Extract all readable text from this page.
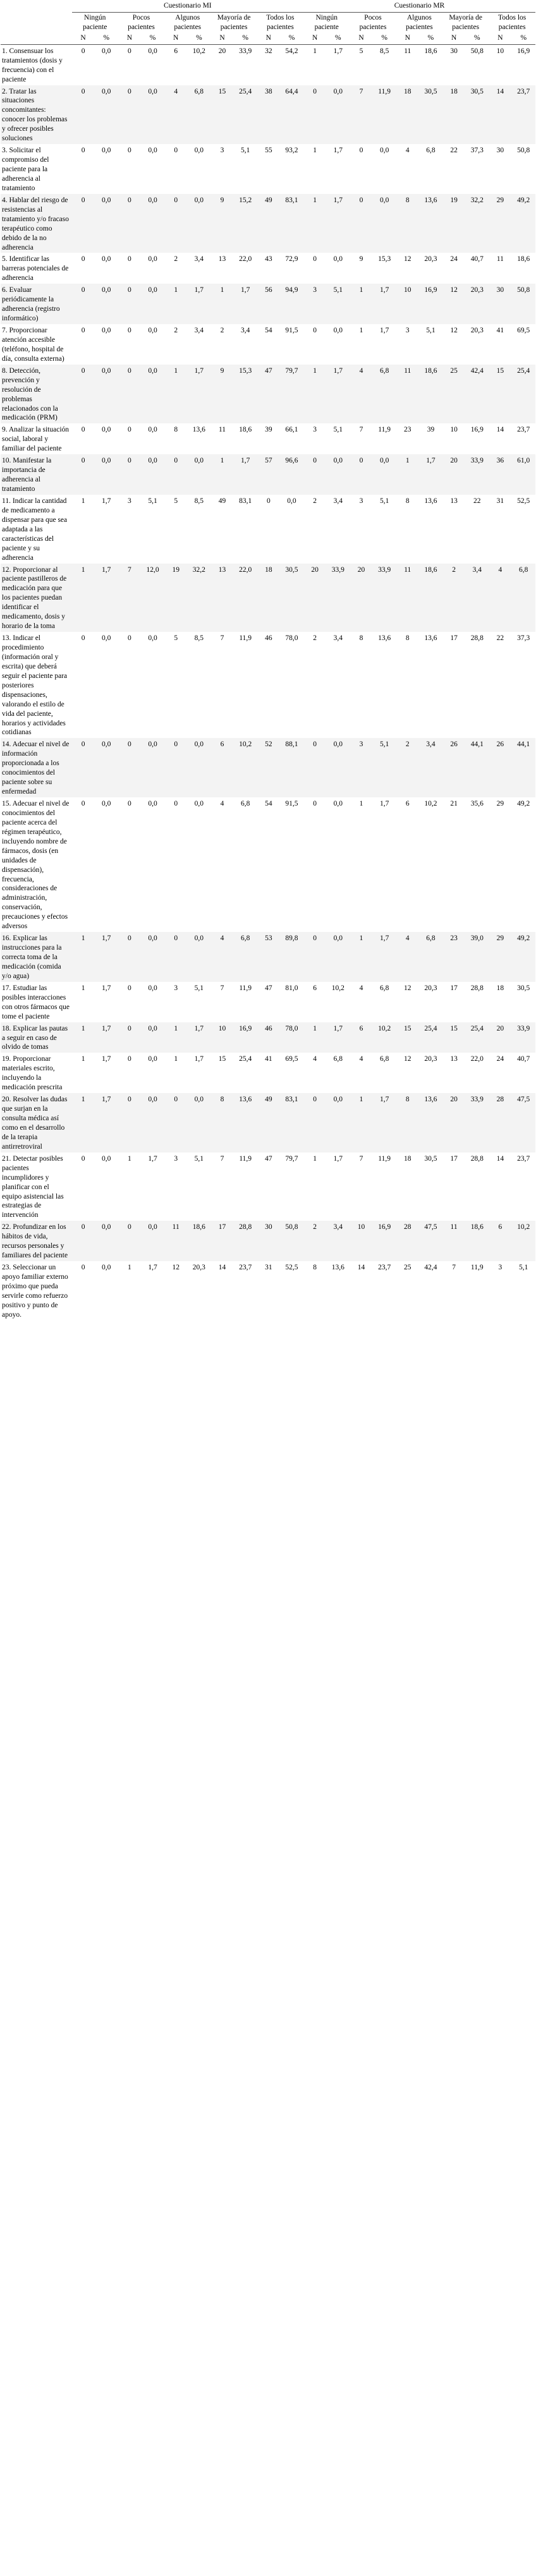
	Cuestionario MI										Cuestionario MR									
	Ningún paciente		Pocos pacientes		Algunos pacientes		Mayoría de pacientes		Todos los pacientes		Ningún paciente		Pocos pacientes		Algunos pacientes		Mayoría de pacientes		Todos los pacientes	
	N	%	N	%	N	%	N	%	N	%	N	%	N	%	N	%	N	%	N	%
1. Consensuar los tratamientos (dosis y frecuencia) con el paciente	0	0,0	0	0,0	6	10,2	20	33,9	32	54,2	1	1,7	5	8,5	11	18,6	30	50,8	10	16,9
2. Tratar las situaciones concomitantes: conocer los problemas y ofrecer posibles soluciones	0	0,0	0	0,0	4	6,8	15	25,4	38	64,4	0	0,0	7	11,9	18	30,5	18	30,5	14	23,7
3. Solicitar el compromiso del paciente para la adherencia al tratamiento	0	0,0	0	0,0	0	0,0	3	5,1	55	93,2	1	1,7	0	0,0	4	6,8	22	37,3	30	50,8
4. Hablar del riesgo de resistencias al tratamiento y/o fracaso terapéutico como debido de la no adherencia	0	0,0	0	0,0	0	0,0	9	15,2	49	83,1	1	1,7	0	0,0	8	13,6	19	32,2	29	49,2
5. Identificar las barreras potenciales de adherencia	0	0,0	0	0,0	2	3,4	13	22,0	43	72,9	0	0,0	9	15,3	12	20,3	24	40,7	11	18,6
6. Evaluar periódicamente la adherencia (registro informático)	0	0,0	0	0,0	1	1,7	1	1,7	56	94,9	3	5,1	1	1,7	10	16,9	12	20,3	30	50,8
7. Proporcionar atención accesible (teléfono, hospital de día, consulta externa)	0	0,0	0	0,0	2	3,4	2	3,4	54	91,5	0	0,0	1	1,7	3	5,1	12	20,3	41	69,5
8. Detección, prevención y resolución de problemas relacionados con la medicación (PRM)	0	0,0	0	0,0	1	1,7	9	15,3	47	79,7	1	1,7	4	6,8	11	18,6	25	42,4	15	25,4
9. Analizar la situación social, laboral y familiar del paciente	0	0,0	0	0,0	8	13,6	11	18,6	39	66,1	3	5,1	7	11,9	23	39	10	16,9	14	23,7
10. Manifestar la importancia de adherencia al tratamiento	0	0,0	0	0,0	0	0,0	1	1,7	57	96,6	0	0,0	0	0,0	1	1,7	20	33,9	36	61,0
11. Indicar la cantidad de medicamento a dispensar para que sea adaptada a las características del paciente y su adherencia	1	1,7	3	5,1	5	8,5	49	83,1	0	0,0	2	3,4	3	5,1	8	13,6	13	22	31	52,5
12. Proporcionar al paciente pastilleros de medicación para que los pacientes puedan identificar el medicamento, dosis y horario de la toma	1	1,7	7	12,0	19	32,2	13	22,0	18	30,5	20	33,9	20	33,9	11	18,6	2	3,4	4	6,8
13. Indicar el procedimiento (información oral y escrita) que deberá seguir el paciente para posteriores dispensaciones, valorando el estilo de vida del paciente, horarios y actividades cotidianas	0	0,0	0	0,0	5	8,5	7	11,9	46	78,0	2	3,4	8	13,6	8	13,6	17	28,8	22	37,3
14. Adecuar el nivel de información proporcionada a los conocimientos del paciente sobre su enfermedad	0	0,0	0	0,0	0	0,0	6	10,2	52	88,1	0	0,0	3	5,1	2	3,4	26	44,1	26	44,1
15. Adecuar el nivel de conocimientos del paciente acerca del régimen terapéutico, incluyendo nombre de fármacos, dosis (en unidades de dispensación), frecuencia, consideraciones de administración, conservación, precauciones y efectos adversos	0	0,0	0	0,0	0	0,0	4	6,8	54	91,5	0	0,0	1	1,7	6	10,2	21	35,6	29	49,2
16. Explicar las instrucciones para la correcta toma de la medicación (comida y/o agua)	1	1,7	0	0,0	0	0,0	4	6,8	53	89,8	0	0,0	1	1,7	4	6,8	23	39,0	29	49,2
17. Estudiar las posibles interacciones con otros fármacos que tome el paciente	1	1,7	0	0,0	3	5,1	7	11,9	47	81,0	6	10,2	4	6,8	12	20,3	17	28,8	18	30,5
18. Explicar las pautas a seguir en caso de olvido de tomas	1	1,7	0	0,0	1	1,7	10	16,9	46	78,0	1	1,7	6	10,2	15	25,4	15	25,4	20	33,9
19. Proporcionar materiales escrito, incluyendo la medicación prescrita	1	1,7	0	0,0	1	1,7	15	25,4	41	69,5	4	6,8	4	6,8	12	20,3	13	22,0	24	40,7
20. Resolver las dudas que surjan en la consulta médica así como en el desarrollo de la terapia antirretroviral	1	1,7	0	0,0	0	0,0	8	13,6	49	83,1	0	0,0	1	1,7	8	13,6	20	33,9	28	47,5
21. Detectar posibles pacientes incumplidores y planificar con el equipo asistencial las estrategias de intervención	0	0,0	1	1,7	3	5,1	7	11,9	47	79,7	1	1,7	7	11,9	18	30,5	17	28,8	14	23,7
22. Profundizar en los hábitos de vida, recursos personales y familiares del paciente	0	0,0	0	0,0	11	18,6	17	28,8	30	50,8	2	3,4	10	16,9	28	47,5	11	18,6	6	10,2
23. Seleccionar un apoyo familiar externo próximo que pueda servirle como refuerzo positivo y punto de apoyo.	0	0,0	1	1,7	12	20,3	14	23,7	31	52,5	8	13,6	14	23,7	25	42,4	7	11,9	3	5,1
